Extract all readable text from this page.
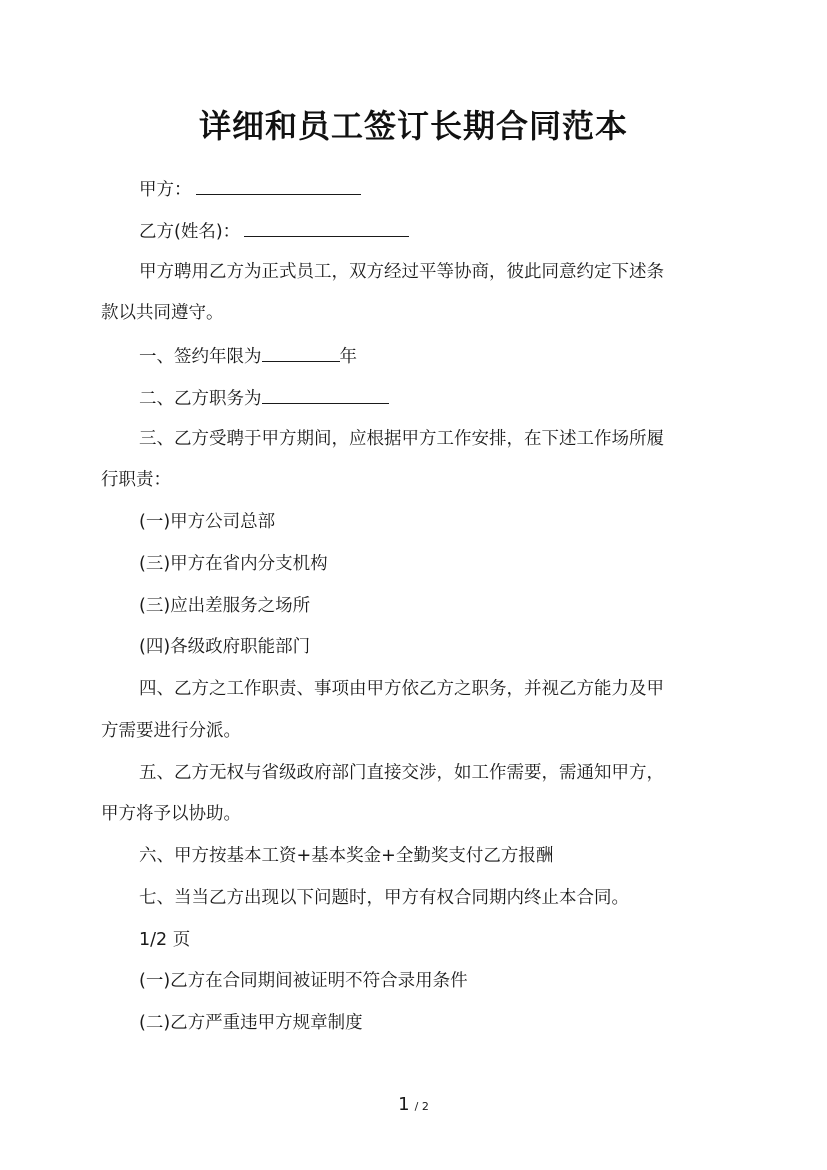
详细和员工签订长期合同范本
甲方：
乙方(姓名)：
甲方聘用乙方为正式员工，双方经过平等协商，彼此同意约定下述条
款以共同遵守。
一、签约年限为	年
二、乙方职务为
三、乙方受聘于甲方期间，应根据甲方工作安排，在下述工作场所履
行职责：
(一)甲方公司总部
(三)甲方在省内分支机构
(三)应出差服务之场所
(四)各级政府职能部门
四、乙方之工作职责、事项由甲方依乙方之职务，并视乙方能力及甲
方需要进行分派。
五、乙方无权与省级政府部门直接交涉，如工作需要，需通知甲方，
甲方将予以协助。
六、甲方按基本工资+基本奖金+全勤奖支付乙方报酬
七、当当乙方出现以下问题时，甲方有权合同期内终止本合同。
1/2 页
(一)乙方在合同期间被证明不符合录用条件
(二)乙方严重违甲方规章制度
1 / 2
